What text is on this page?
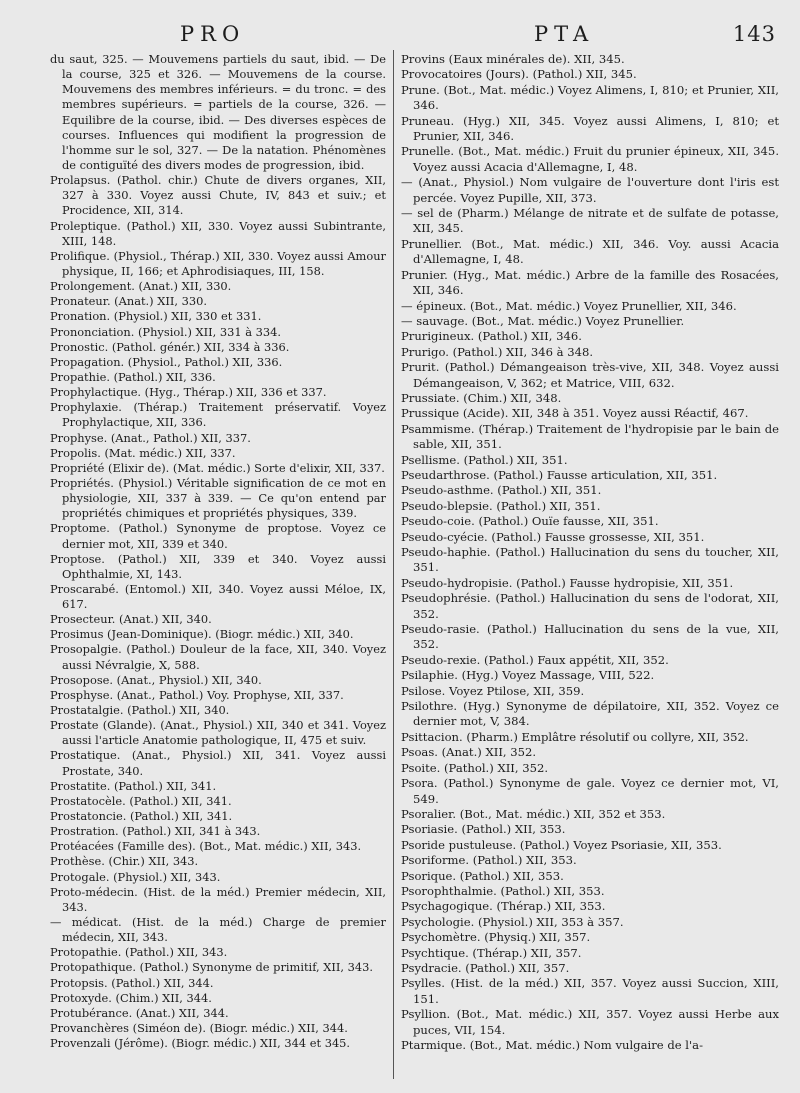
PRO	PTA	143
du saut, 325. — Mouvemens partiels du saut, ibid. — De la course, 325 et 326. — Mouvemens de la course. Mouvemens des membres inférieurs. = du tronc. = des membres supérieurs. = partiels de la course, 326. — Equilibre de la course, ibid. — Des diverses espèces de courses. Influences qui modifient la progression de l'homme sur le sol, 327. — De la natation. Phénomènes de contiguïté des divers modes de progression, ibid.
Prolapsus. (Pathol. chir.) Chute de divers organes, XII, 327 à 330. Voyez aussi Chute, IV, 843 et suiv.; et Procidence, XII, 314.
Proleptique. (Pathol.) XII, 330. Voyez aussi Subintrante, XIII, 148.
Prolifique. (Physiol., Thérap.) XII, 330. Voyez aussi Amour physique, II, 166; et Aphrodisiaques, III, 158.
Prolongement. (Anat.) XII, 330.
Pronateur. (Anat.) XII, 330.
Pronation. (Physiol.) XII, 330 et 331.
Prononciation. (Physiol.) XII, 331 à 334.
Pronostic. (Pathol. génér.) XII, 334 à 336.
Propagation. (Physiol., Pathol.) XII, 336.
Propathie. (Pathol.) XII, 336.
Prophylactique. (Hyg., Thérap.) XII, 336 et 337.
Prophylaxie. (Thérap.) Traitement préservatif. Voyez Prophylactique, XII, 336.
Prophyse. (Anat., Pathol.) XII, 337.
Propolis. (Mat. médic.) XII, 337.
Propriété (Elixir de). (Mat. médic.) Sorte d'elixir, XII, 337.
Propriétés. (Physiol.) Véritable signification de ce mot en physiologie, XII, 337 à 339. — Ce qu'on entend par propriétés chimiques et propriétés physiques, 339.
Proptome. (Pathol.) Synonyme de proptose. Voyez ce dernier mot, XII, 339 et 340.
Proptose. (Pathol.) XII, 339 et 340. Voyez aussi Ophthalmie, XI, 143.
Proscarabé. (Entomol.) XII, 340. Voyez aussi Méloe, IX, 617.
Prosecteur. (Anat.) XII, 340.
Prosimus (Jean-Dominique). (Biogr. médic.) XII, 340.
Prosopalgie. (Pathol.) Douleur de la face, XII, 340. Voyez aussi Névralgie, X, 588.
Prosopose. (Anat., Physiol.) XII, 340.
Prosphyse. (Anat., Pathol.) Voy. Prophyse, XII, 337.
Prostatalgie. (Pathol.) XII, 340.
Prostate (Glande). (Anat., Physiol.) XII, 340 et 341. Voyez aussi l'article Anatomie pathologique, II, 475 et suiv.
Prostatique. (Anat., Physiol.) XII, 341. Voyez aussi Prostate, 340.
Prostatite. (Pathol.) XII, 341.
Prostatocèle. (Pathol.) XII, 341.
Prostatoncie. (Pathol.) XII, 341.
Prostration. (Pathol.) XII, 341 à 343.
Protéacées (Famille des). (Bot., Mat. médic.) XII, 343.
Prothèse. (Chir.) XII, 343.
Protogale. (Physiol.) XII, 343.
Proto-médecin. (Hist. de la méd.) Premier médecin, XII, 343.
— médicat. (Hist. de la méd.) Charge de premier médecin, XII, 343.
Protopathie. (Pathol.) XII, 343.
Protopathique. (Pathol.) Synonyme de primitif, XII, 343.
Protopsis. (Pathol.) XII, 344.
Protoxyde. (Chim.) XII, 344.
Protubérance. (Anat.) XII, 344.
Provanchères (Siméon de). (Biogr. médic.) XII, 344.
Provenzali (Jérôme). (Biogr. médic.) XII, 344 et 345.
Provins (Eaux minérales de). XII, 345.
Provocatoires (Jours). (Pathol.) XII, 345.
Prune. (Bot., Mat. médic.) Voyez Alimens, I, 810; et Prunier, XII, 346.
Pruneau. (Hyg.) XII, 345. Voyez aussi Alimens, I, 810; et Prunier, XII, 346.
Prunelle. (Bot., Mat. médic.) Fruit du prunier épineux, XII, 345. Voyez aussi Acacia d'Allemagne, I, 48.
— (Anat., Physiol.) Nom vulgaire de l'ouverture dont l'iris est percée. Voyez Pupille, XII, 373.
— sel de (Pharm.) Mélange de nitrate et de sulfate de potasse, XII, 345.
Prunellier. (Bot., Mat. médic.) XII, 346. Voy. aussi Acacia d'Allemagne, I, 48.
Prunier. (Hyg., Mat. médic.) Arbre de la famille des Rosacées, XII, 346.
— épineux. (Bot., Mat. médic.) Voyez Prunellier, XII, 346.
— sauvage. (Bot., Mat. médic.) Voyez Prunellier.
Prurigineux. (Pathol.) XII, 346.
Prurigo. (Pathol.) XII, 346 à 348.
Prurit. (Pathol.) Démangeaison très-vive, XII, 348. Voyez aussi Démangeaison, V, 362; et Matrice, VIII, 632.
Prussiate. (Chim.) XII, 348.
Prussique (Acide). XII, 348 à 351. Voyez aussi Réactif, 467.
Psammisme. (Thérap.) Traitement de l'hydropisie par le bain de sable, XII, 351.
Psellisme. (Pathol.) XII, 351.
Pseudarthrose. (Pathol.) Fausse articulation, XII, 351.
Pseudo-asthme. (Pathol.) XII, 351.
Pseudo-blepsie. (Pathol.) XII, 351.
Pseudo-coie. (Pathol.) Ouïe fausse, XII, 351.
Pseudo-cyécie. (Pathol.) Fausse grossesse, XII, 351.
Pseudo-haphie. (Pathol.) Hallucination du sens du toucher, XII, 351.
Pseudo-hydropisie. (Pathol.) Fausse hydropisie, XII, 351.
Pseudophrésie. (Pathol.) Hallucination du sens de l'odorat, XII, 352.
Pseudo-rasie. (Pathol.) Hallucination du sens de la vue, XII, 352.
Pseudo-rexie. (Pathol.) Faux appétit, XII, 352.
Psilaphie. (Hyg.) Voyez Massage, VIII, 522.
Psilose. Voyez Ptilose, XII, 359.
Psilothre. (Hyg.) Synonyme de dépilatoire, XII, 352. Voyez ce dernier mot, V, 384.
Psittacion. (Pharm.) Emplâtre résolutif ou collyre, XII, 352.
Psoas. (Anat.) XII, 352.
Psoite. (Pathol.) XII, 352.
Psora. (Pathol.) Synonyme de gale. Voyez ce dernier mot, VI, 549.
Psoralier. (Bot., Mat. médic.) XII, 352 et 353.
Psoriasie. (Pathol.) XII, 353.
Psoride pustuleuse. (Pathol.) Voyez Psoriasie, XII, 353.
Psoriforme. (Pathol.) XII, 353.
Psorique. (Pathol.) XII, 353.
Psorophthalmie. (Pathol.) XII, 353.
Psychagogique. (Thérap.) XII, 353.
Psychologie. (Physiol.) XII, 353 à 357.
Psychomètre. (Physiq.) XII, 357.
Psychtique. (Thérap.) XII, 357.
Psydracie. (Pathol.) XII, 357.
Psylles. (Hist. de la méd.) XII, 357. Voyez aussi Succion, XIII, 151.
Psyllion. (Bot., Mat. médic.) XII, 357. Voyez aussi Herbe aux puces, VII, 154.
Ptarmique. (Bot., Mat. médic.) Nom vulgaire de l'a-
